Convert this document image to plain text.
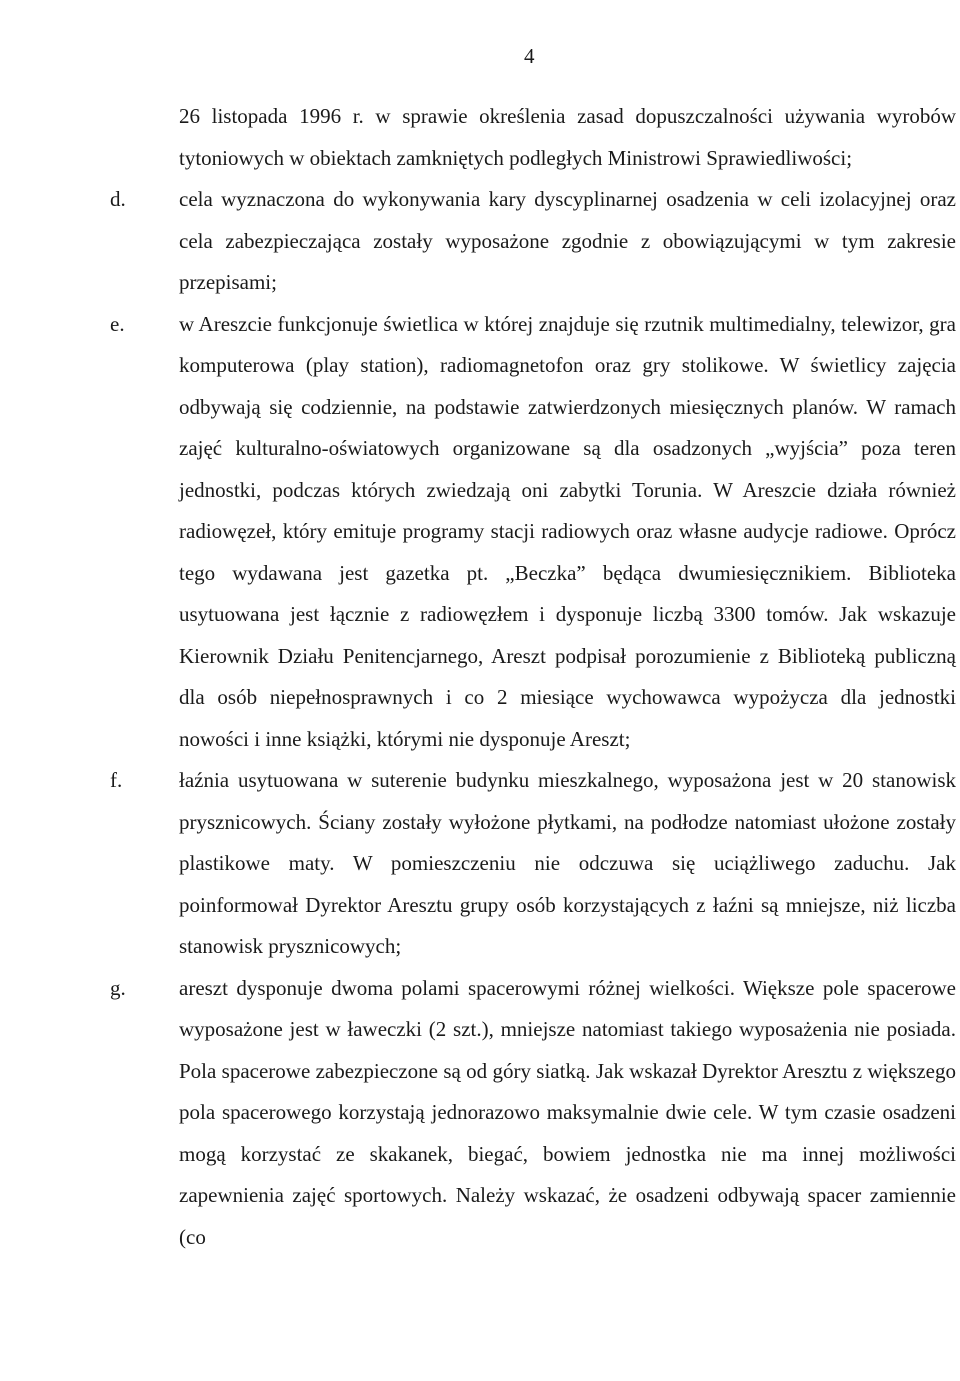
4

26 listopada 1996 r. w sprawie określenia zasad dopuszczalności używania wyrobów tytoniowych w obiektach zamkniętych podległych Ministrowi Sprawiedliwości;

d.	cela wyznaczona do wykonywania kary dyscyplinarnej osadzenia w celi izolacyjnej oraz cela zabezpieczająca zostały wyposażone zgodnie z obowiązującymi w tym zakresie przepisami;

e.	w Areszcie funkcjonuje świetlica w której znajduje się rzutnik multimedialny, telewizor, gra komputerowa (play station), radiomagnetofon oraz gry stolikowe. W świetlicy zajęcia odbywają się codziennie, na podstawie zatwierdzonych miesięcznych planów. W ramach zajęć kulturalno-oświatowych organizowane są dla osadzonych „wyjścia” poza teren jednostki, podczas których zwiedzają oni zabytki Torunia. W Areszcie działa również radiowęzeł, który emituje programy stacji radiowych oraz własne audycje radiowe. Oprócz tego wydawana jest gazetka pt. „Beczka” będąca dwumiesięcznikiem. Biblioteka usytuowana jest łącznie z radiowęzłem i dysponuje liczbą 3300 tomów. Jak wskazuje Kierownik Działu Penitencjarnego, Areszt podpisał porozumienie z Biblioteką publiczną dla osób niepełnosprawnych i co 2 miesiące wychowawca wypożycza dla jednostki nowości i inne książki, którymi nie dysponuje Areszt;

f.	łaźnia usytuowana w suterenie budynku mieszkalnego, wyposażona jest w 20 stanowisk prysznicowych. Ściany zostały wyłożone płytkami, na podłodze natomiast ułożone zostały plastikowe maty. W pomieszczeniu nie odczuwa się uciążliwego zaduchu. Jak poinformował Dyrektor Aresztu grupy osób korzystających z łaźni są mniejsze, niż liczba stanowisk prysznicowych;

g.	areszt dysponuje dwoma polami spacerowymi różnej wielkości. Większe pole spacerowe wyposażone jest w ławeczki (2 szt.), mniejsze natomiast takiego wyposażenia nie posiada. Pola spacerowe zabezpieczone są od góry siatką. Jak wskazał Dyrektor Aresztu z większego pola spacerowego korzystają jednorazowo maksymalnie dwie cele. W tym czasie osadzeni mogą korzystać ze skakanek, biegać, bowiem jednostka nie ma innej możliwości zapewnienia zajęć sportowych. Należy wskazać, że osadzeni odbywają spacer zamiennie (co
